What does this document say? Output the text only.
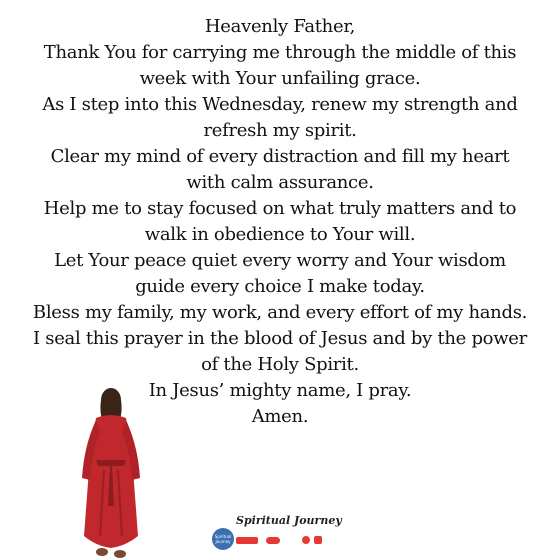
Heavenly Father,
Thank You for carrying me through the middle of this
week with Your unfailing grace.
As I step into this Wednesday, renew my strength and
refresh my spirit.
Clear my mind of every distraction and fill my heart
with calm assurance.
Help me to stay focused on what truly matters and to
walk in obedience to Your will.
Let Your peace quiet every worry and Your wisdom
guide every choice I make today.
Bless my family, my work, and every effort of my hands.
I seal this prayer in the blood of Jesus and by the power
of the Holy Spirit.
In Jesus’ mighty name, I pray.
Amen.
Spiritual Journey
Spiritual Journey
